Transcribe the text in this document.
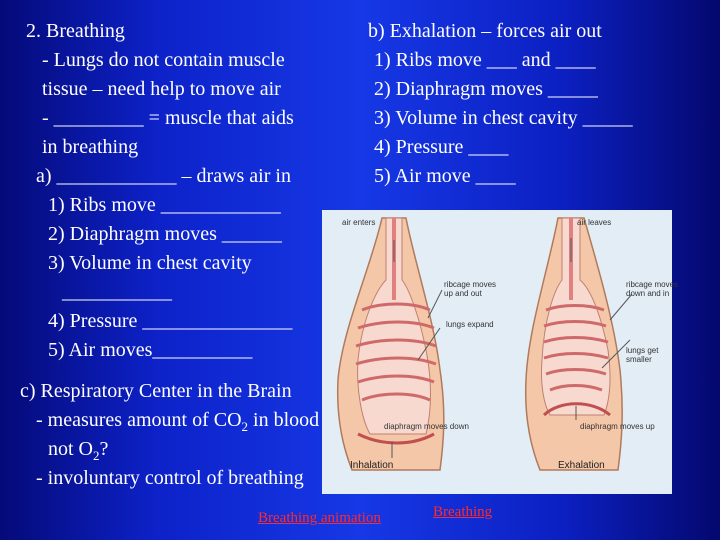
2. Breathing
- Lungs do not contain muscle
tissue – need help to move air
- _________ = muscle that aids
in breathing
a) ____________ – draws air in
b) Exhalation – forces air out
1) Ribs move ___ and ____
2) Diaphragm moves _____
3) Volume in chest cavity _____
4) Pressure ____
5) Air move ____
air enters	air leaves
ribcage moves
up and out
ribcage moves
down and in
lungs expand
lungs get
smaller
diaphragm moves down	diaphragm moves up
Inhalation	Exhalation
1) Ribs move ____________
2) Diaphragm moves ______
3) Volume in chest cavity
___________
4) Pressure _______________
5) Air moves__________
c) Respiratory Center in the Brain
- measures amount of $CO_2$ in blood
not $O_2$?
- involuntary control of breathing
Breathing animation	Breathing
